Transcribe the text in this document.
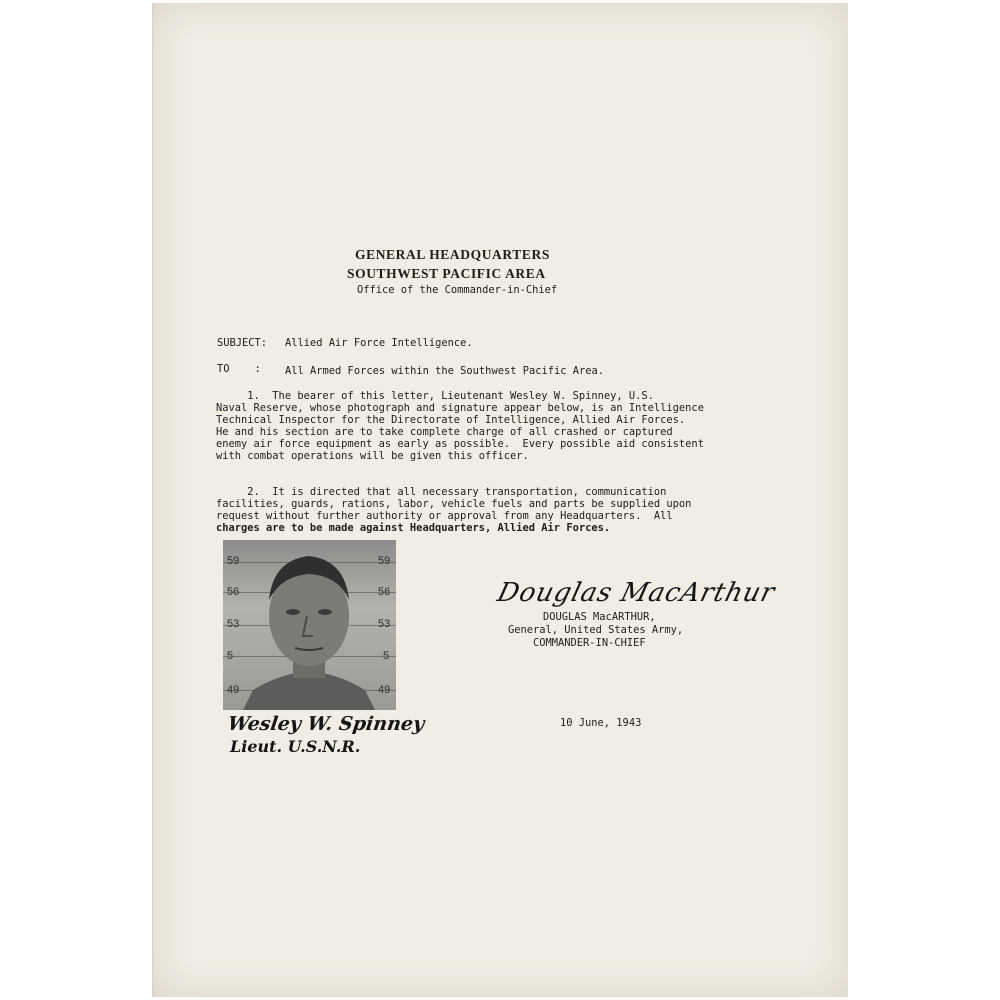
GENERAL HEADQUARTERS
SOUTHWEST PACIFIC AREA
Office of the Commander-in-Chief
SUBJECT: Allied Air Force Intelligence.
TO    : All Armed Forces within the Southwest Pacific Area.
1.  The bearer of this letter, Lieutenant Wesley W. Spinney, U.S.
Naval Reserve, whose photograph and signature appear below, is an Intelligence
Technical Inspector for the Directorate of Intelligence, Allied Air Forces.
He and his section are to take complete charge of all crashed or captured
enemy air force equipment as early as possible.  Every possible aid consistent
with combat operations will be given this officer.
2.  It is directed that all necessary transportation, communication
facilities, guards, rations, labor, vehicle fuels and parts be supplied upon
request without further authority or approval from any Headquarters.  All
charges are to be made against Headquarters, Allied Air Forces.
59
56
53
5
49
59
56
53
5
49
Wesley W. Spinney
Lieut. U.S.N.R.
Douglas MacArthur
DOUGLAS MacARTHUR,
General, United States Army,
COMMANDER-IN-CHIEF
10 June, 1943
